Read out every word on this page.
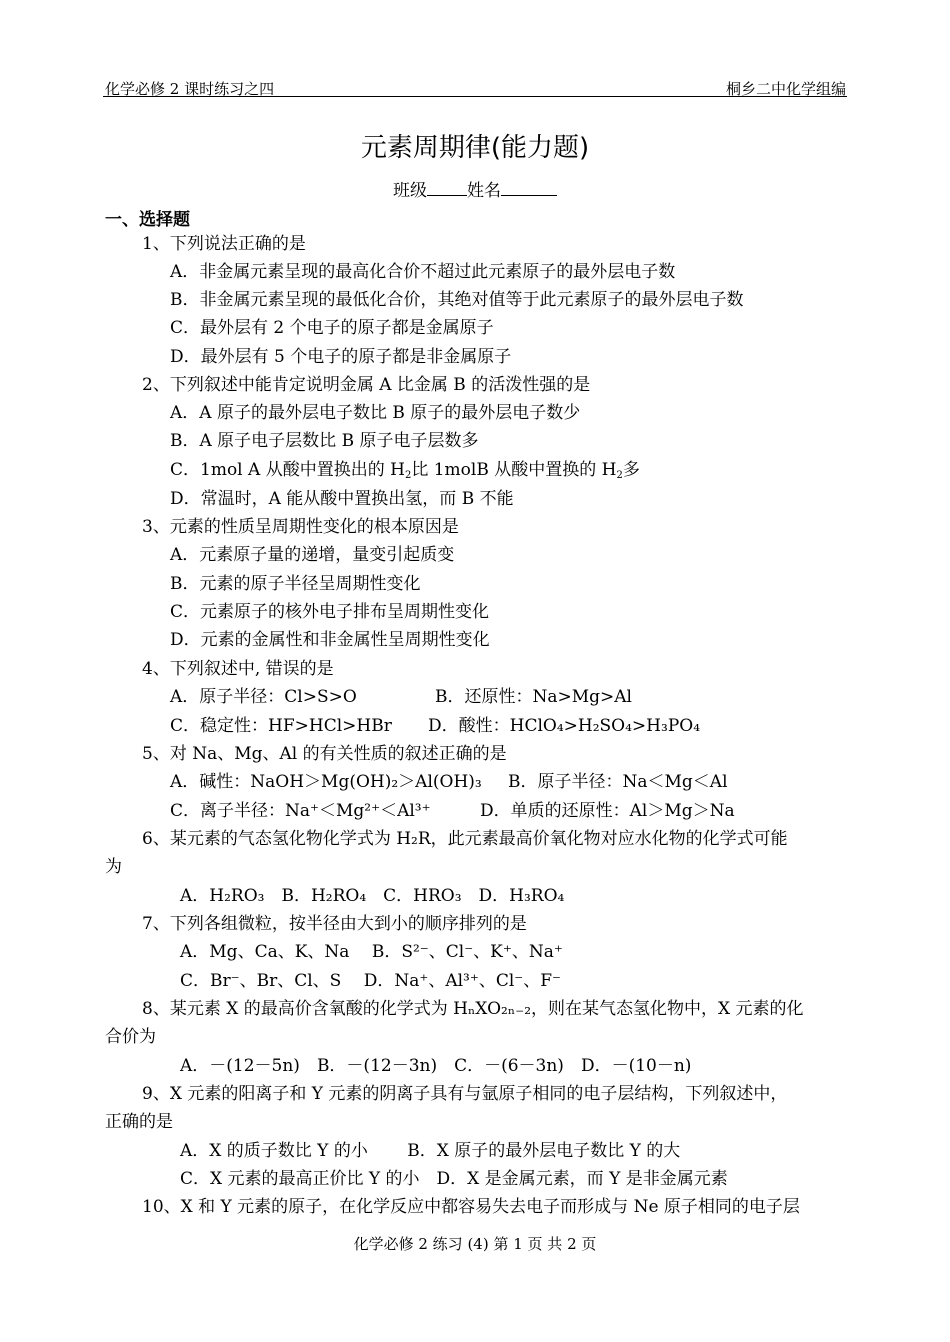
化学必修 2 课时练习之四	桐乡二中化学组编
元素周期律(能力题)
班级 姓名
一、选择题
1、下列说法正确的是
A．非金属元素呈现的最高化合价不超过此元素原子的最外层电子数
B．非金属元素呈现的最低化合价，其绝对值等于此元素原子的最外层电子数
C．最外层有 2 个电子的原子都是金属原子
D．最外层有 5 个电子的原子都是非金属原子
2、下列叙述中能肯定说明金属 A 比金属 B 的活泼性强的是
A．A 原子的最外层电子数比 B 原子的最外层电子数少
B．A 原子电子层数比 B 原子电子层数多
C．1mol A 从酸中置换出的 $H_2$比 1molB 从酸中置换的 $H_2$多
D．常温时，A 能从酸中置换出氢，而 B 不能
3、元素的性质呈周期性变化的根本原因是
A．元素原子量的递增，量变引起质变
B．元素的原子半径呈周期性变化
C．元素原子的核外电子排布呈周期性变化
D．元素的金属性和非金属性呈周期性变化
4、下列叙述中, 错误的是
A．原子半径：Cl>S>O	B．还原性：Na>Mg>Al
C．稳定性：HF>HCl>HBr D．酸性：HClO₄>H₂SO₄>H₃PO₄
5、对 Na、Mg、Al 的有关性质的叙述正确的是
A．碱性：NaOH＞Mg(OH)₂＞Al(OH)₃ B．原子半径：Na＜Mg＜Al
C．离子半径：Na⁺＜Mg²⁺＜Al³⁺	D．单质的还原性：Al＞Mg＞Na
6、某元素的气态氢化物化学式为 H₂R，此元素最高价氧化物对应水化物的化学式可能
为
A．H₂RO₃　B．H₂RO₄　C．HRO₃　D．H₃RO₄
7、下列各组微粒，按半径由大到小的顺序排列的是
A．Mg、Ca、K、Na　 B．S²⁻、Cl⁻、K⁺、Na⁺
C．Br⁻、Br、Cl、S　 D．Na⁺、Al³⁺、Cl⁻、F⁻
8、某元素 X 的最高价含氧酸的化学式为 HₙXO₂ₙ₋₂，则在某气态氢化物中，X 元素的化
合价为
A．－(12－5n)　B．－(12－3n)　C．－(6－3n)　D．－(10－n)
9、X 元素的阳离子和 Y 元素的阴离子具有与氩原子相同的电子层结构，下列叙述中，
正确的是
A．X 的质子数比 Y 的小　　 B．X 原子的最外层电子数比 Y 的大
C．X 元素的最高正价比 Y 的小　D．X 是金属元素，而 Y 是非金属元素
10、X 和 Y 元素的原子，在化学反应中都容易失去电子而形成与 Ne 原子相同的电子层
化学必修 2 练习 (4) 第 1 页 共 2 页
